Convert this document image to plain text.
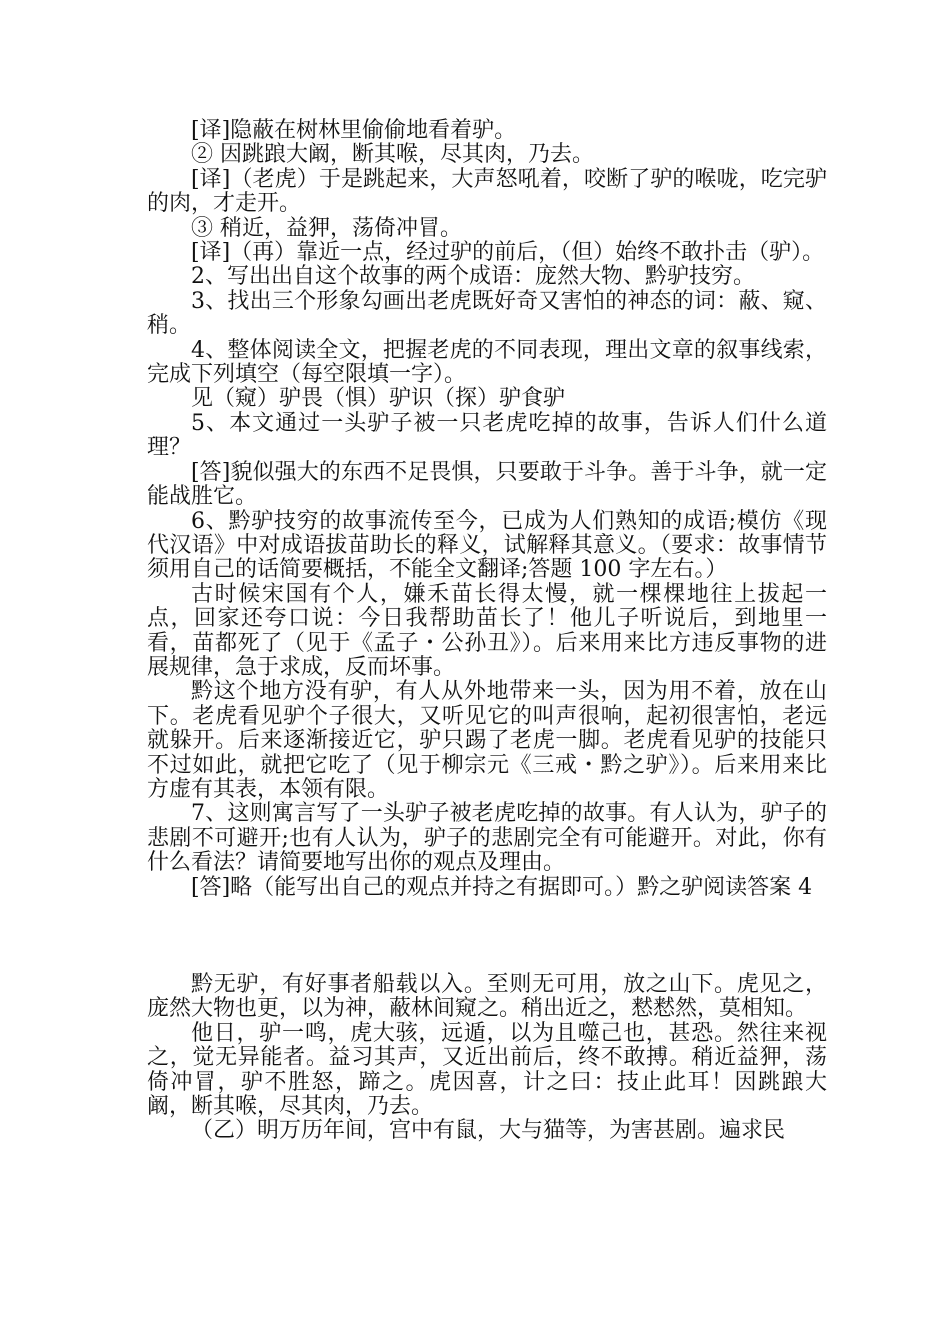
[译]隐蔽在树林里偷偷地看着驴。

② 因跳踉大阚，断其喉，尽其肉，乃去。

[译]（老虎）于是跳起来，大声怒吼着，咬断了驴的喉咙，吃完驴的肉，才走开。

③ 稍近，益狎，荡倚冲冒。

[译]（再）靠近一点，经过驴的前后，（但）始终不敢扑击（驴）。

2、写出出自这个故事的两个成语：庞然大物、黔驴技穷。

3、找出三个形象勾画出老虎既好奇又害怕的神态的词：蔽、窥、稍。

4、整体阅读全文，把握老虎的不同表现，理出文章的叙事线索，完成下列填空（每空限填一字）。

见（窥）驴畏（惧）驴识（探）驴食驴

5、本文通过一头驴子被一只老虎吃掉的故事，告诉人们什么道理？

[答]貌似强大的东西不足畏惧，只要敢于斗争。善于斗争，就一定能战胜它。

6、黔驴技穷的故事流传至今，已成为人们熟知的成语;模仿《现代汉语》中对成语拔苗助长的释义，试解释其意义。（要求：故事情节须用自己的话简要概括，不能全文翻译;答题 100 字左右。）

古时候宋国有个人，嫌禾苗长得太慢，就一棵棵地往上拔起一点，回家还夸口说：今日我帮助苗长了！他儿子听说后，到地里一看，苗都死了（见于《孟子・公孙丑》）。后来用来比方违反事物的进展规律，急于求成，反而坏事。

黔这个地方没有驴，有人从外地带来一头，因为用不着，放在山下。老虎看见驴个子很大，又听见它的叫声很响，起初很害怕，老远就躲开。后来逐渐接近它，驴只踢了老虎一脚。老虎看见驴的技能只不过如此，就把它吃了（见于柳宗元《三戒・黔之驴》）。后来用来比方虚有其表，本领有限。

7、这则寓言写了一头驴子被老虎吃掉的故事。有人认为，驴子的悲剧不可避开;也有人认为，驴子的悲剧完全有可能避开。对此，你有什么看法？请简要地写出你的观点及理由。

[答]略（能写出自己的观点并持之有据即可。）黔之驴阅读答案 4

黔无驴，有好事者船载以入。至则无可用，放之山下。虎见之，庞然大物也更，以为神，蔽林间窥之。稍出近之，慭慭然，莫相知。

他日，驴一鸣，虎大骇，远遁，以为且噬己也，甚恐。然往来视之，觉无异能者。益习其声，又近出前后，终不敢搏。稍近益狎，荡倚冲冒，驴不胜怒，蹄之。虎因喜，计之曰：技止此耳！因跳踉大阚，断其喉，尽其肉，乃去。

（乙）明万历年间，宫中有鼠，大与猫等，为害甚剧。遍求民
